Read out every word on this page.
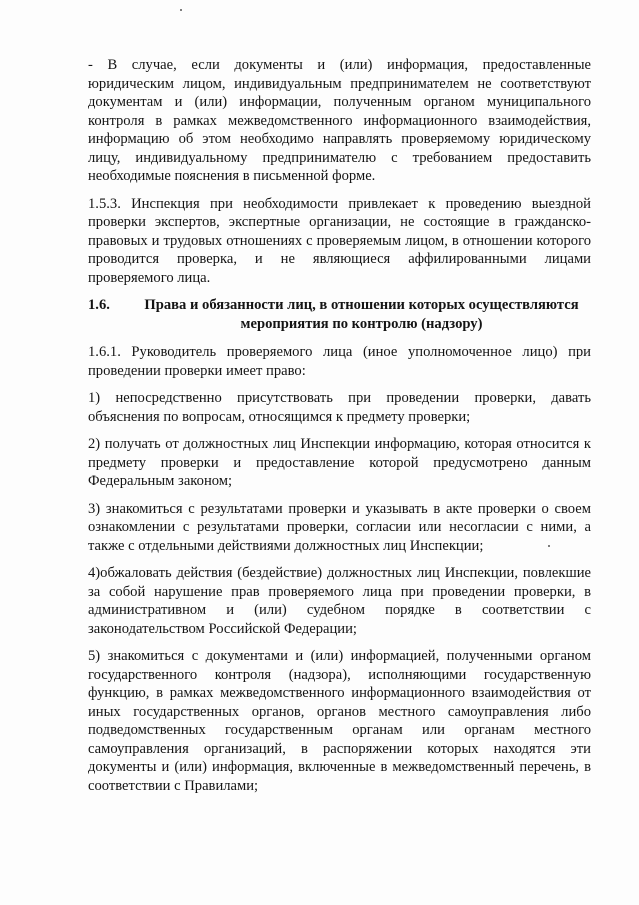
- В случае, если документы и (или) информация, предоставленные юридическим лицом, индивидуальным предпринимателем не соответствуют документам и (или) информации, полученным органом муниципального контроля в рамках межведомственного информационного взаимодействия, информацию об этом необходимо направлять проверяемому юридическому лицу, индивидуальному предпринимателю с требованием предоставить необходимые пояснения в письменной форме.

1.5.3. Инспекция при необходимости привлекает к проведению выездной проверки экспертов, экспертные организации, не состоящие в гражданско-правовых и трудовых отношениях с проверяемым лицом, в отношении которого проводится проверка, и не являющиеся аффилированными лицами проверяемого лица.

1.6.	Права и обязанности лиц, в отношении которых осуществляются мероприятия по контролю (надзору)

1.6.1. Руководитель проверяемого лица (иное уполномоченное лицо) при проведении проверки имеет право:

1) непосредственно присутствовать при проведении проверки, давать объяснения по вопросам, относящимся к предмету проверки;

2) получать от должностных лиц Инспекции информацию, которая относится к предмету проверки и предоставление которой предусмотрено данным Федеральным законом;

3) знакомиться с результатами проверки и указывать в акте проверки о своем ознакомлении с результатами проверки, согласии или несогласии с ними, а также с отдельными действиями должностных лиц Инспекции;

4)обжаловать действия (бездействие) должностных лиц Инспекции, повлекшие за собой нарушение прав проверяемого лица при проведении проверки, в административном и (или) судебном порядке в соответствии с законодательством Российской Федерации;

5) знакомиться с документами и (или) информацией, полученными органом государственного контроля (надзора), исполняющими государственную функцию, в рамках межведомственного информационного взаимодействия от иных государственных органов, органов местного самоуправления либо подведомственных государственным органам или органам местного самоуправления организаций, в распоряжении которых находятся эти документы и (или) информация, включенные в межведомственный перечень, в соответствии с Правилами;
